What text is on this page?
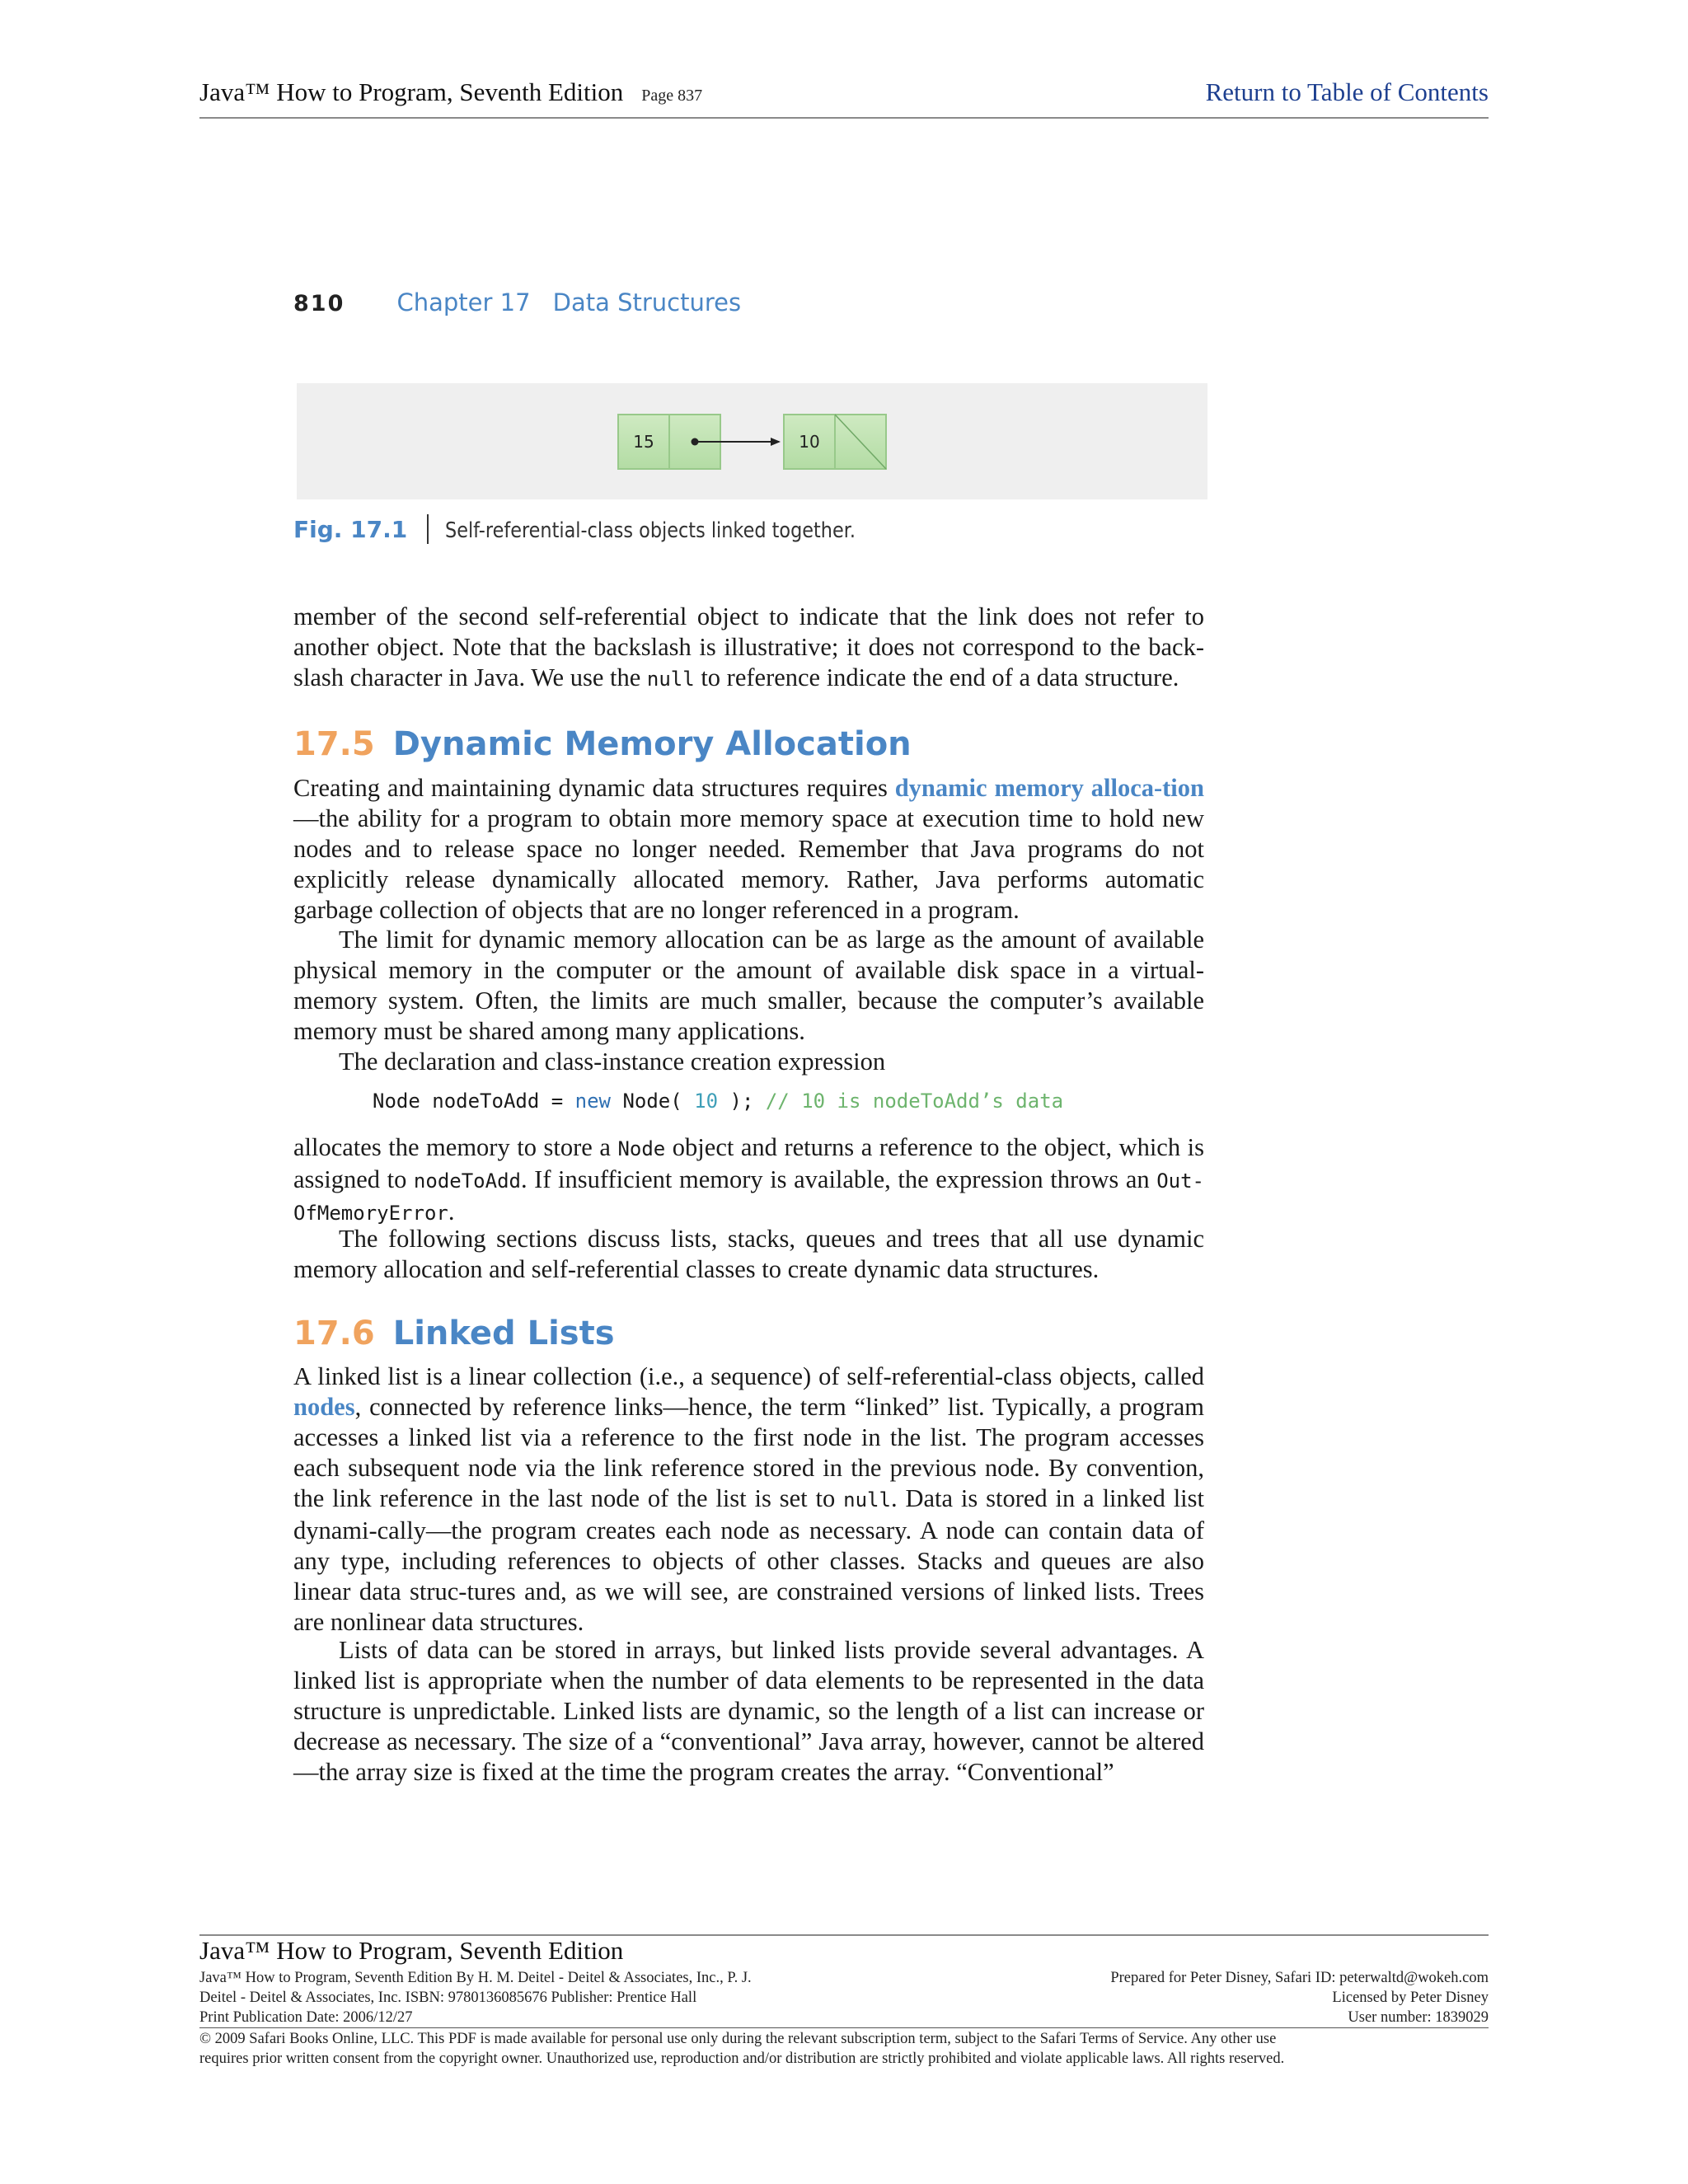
Java™ How to Program, Seventh Edition Page 837	Return to Table of Contents
810 Chapter 17 Data Structures
15	10
Fig. 17.1 Self-referential-class objects linked together.

member of the second self-referential object to indicate that the link does not refer to another object. Note that the backslash is illustrative; it does not correspond to the back-slash character in Java. We use the null to reference indicate the end of a data structure.

17.5 Dynamic Memory Allocation

Creating and maintaining dynamic data structures requires dynamic memory alloca-tion—the ability for a program to obtain more memory space at execution time to hold new nodes and to release space no longer needed. Remember that Java programs do not explicitly release dynamically allocated memory. Rather, Java performs automatic garbage collection of objects that are no longer referenced in a program.

The limit for dynamic memory allocation can be as large as the amount of available physical memory in the computer or the amount of available disk space in a virtual-memory system. Often, the limits are much smaller, because the computer’s available memory must be shared among many applications.

The declaration and class-instance creation expression

Node nodeToAdd = new Node( 10 ); // 10 is nodeToAdd’s data

allocates the memory to store a Node object and returns a reference to the object, which is assigned to nodeToAdd. If insufficient memory is available, the expression throws an Out-OfMemoryError.

The following sections discuss lists, stacks, queues and trees that all use dynamic memory allocation and self-referential classes to create dynamic data structures.

17.6 Linked Lists

A linked list is a linear collection (i.e., a sequence) of self-referential-class objects, called nodes, connected by reference links—hence, the term “linked” list. Typically, a program accesses a linked list via a reference to the first node in the list. The program accesses each subsequent node via the link reference stored in the previous node. By convention, the link reference in the last node of the list is set to null. Data is stored in a linked list dynami-cally—the program creates each node as necessary. A node can contain data of any type, including references to objects of other classes. Stacks and queues are also linear data struc-tures and, as we will see, are constrained versions of linked lists. Trees are nonlinear data structures.

Lists of data can be stored in arrays, but linked lists provide several advantages. A linked list is appropriate when the number of data elements to be represented in the data structure is unpredictable. Linked lists are dynamic, so the length of a list can increase or decrease as necessary. The size of a “conventional” Java array, however, cannot be altered—the array size is fixed at the time the program creates the array. “Conventional”

Java™ How to Program, Seventh Edition
Java™ How to Program, Seventh Edition By H. M. Deitel - Deitel & Associates, Inc., P. J.
Deitel - Deitel & Associates, Inc. ISBN: 9780136085676 Publisher: Prentice Hall
Print Publication Date: 2006/12/27
Prepared for Peter Disney, Safari ID: peterwaltd@wokeh.com
Licensed by Peter Disney
User number: 1839029
© 2009 Safari Books Online, LLC. This PDF is made available for personal use only during the relevant subscription term, subject to the Safari Terms of Service. Any other use
requires prior written consent from the copyright owner. Unauthorized use, reproduction and/or distribution are strictly prohibited and violate applicable laws. All rights reserved.
